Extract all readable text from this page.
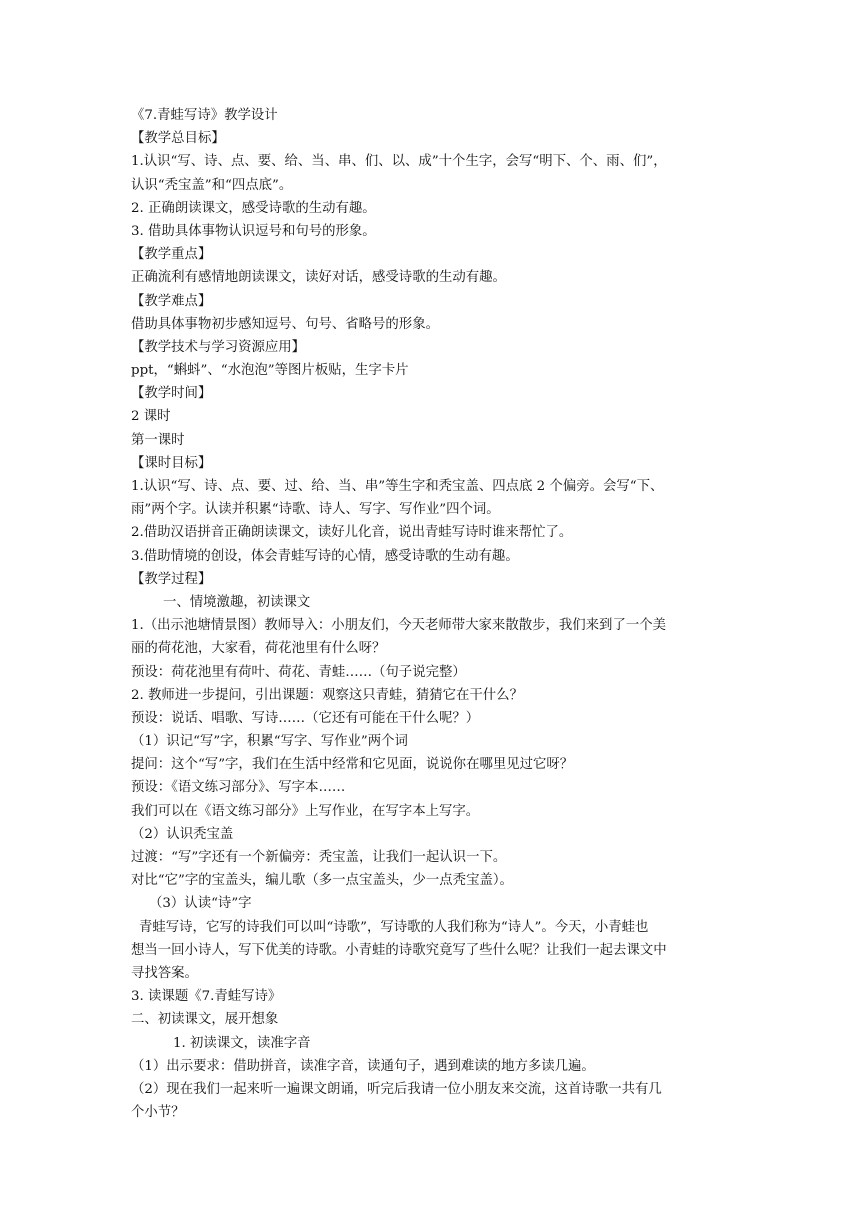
《7.青蛙写诗》教学设计
【教学总目标】
1.认识“写、诗、点、要、给、当、串、们、以、成”十个生字，会写“明下、个、雨、们”，
认识“秃宝盖”和“四点底”。
2. 正确朗读课文，感受诗歌的生动有趣。
3. 借助具体事物认识逗号和句号的形象。
【教学重点】
正确流利有感情地朗读课文，读好对话，感受诗歌的生动有趣。
【教学难点】
借助具体事物初步感知逗号、句号、省略号的形象。
【教学技术与学习资源应用】
ppt，“蝌蚪”、“水泡泡”等图片板贴，生字卡片
【教学时间】
2 课时
第一课时
【课时目标】
1.认识“写、诗、点、要、过、给、当、串”等生字和秃宝盖、四点底 2 个偏旁。会写“下、
雨”两个字。认读并积累“诗歌、诗人、写字、写作业”四个词。
2.借助汉语拼音正确朗读课文，读好儿化音，说出青蛙写诗时谁来帮忙了。
3.借助情境的创设，体会青蛙写诗的心情，感受诗歌的生动有趣。
【教学过程】
一、情境激趣，初读课文
1.（出示池塘情景图）教师导入：小朋友们，今天老师带大家来散散步，我们来到了一个美
丽的荷花池，大家看，荷花池里有什么呀？
预设：荷花池里有荷叶、荷花、青蛙……（句子说完整）
2. 教师进一步提问，引出课题：观察这只青蛙，猜猜它在干什么？
预设：说话、唱歌、写诗……（它还有可能在干什么呢？）
（1）识记“写”字，积累“写字、写作业”两个词
提问：这个“写”字，我们在生活中经常和它见面，说说你在哪里见过它呀？
预设：《语文练习部分》、写字本……
我们可以在《语文练习部分》上写作业，在写字本上写字。
（2）认识秃宝盖
过渡：“写”字还有一个新偏旁：秃宝盖，让我们一起认识一下。
对比“它”字的宝盖头，编儿歌（多一点宝盖头，少一点秃宝盖）。
（3）认读“诗”字
青蛙写诗，它写的诗我们可以叫“诗歌”，写诗歌的人我们称为“诗人”。今天，小青蛙也
想当一回小诗人，写下优美的诗歌。小青蛙的诗歌究竟写了些什么呢？让我们一起去课文中
寻找答案。
3. 读课题《7.青蛙写诗》
二、初读课文，展开想象
1. 初读课文，读准字音
（1）出示要求：借助拼音，读准字音，读通句子，遇到难读的地方多读几遍。
（2）现在我们一起来听一遍课文朗诵，听完后我请一位小朋友来交流，这首诗歌一共有几
个小节？
